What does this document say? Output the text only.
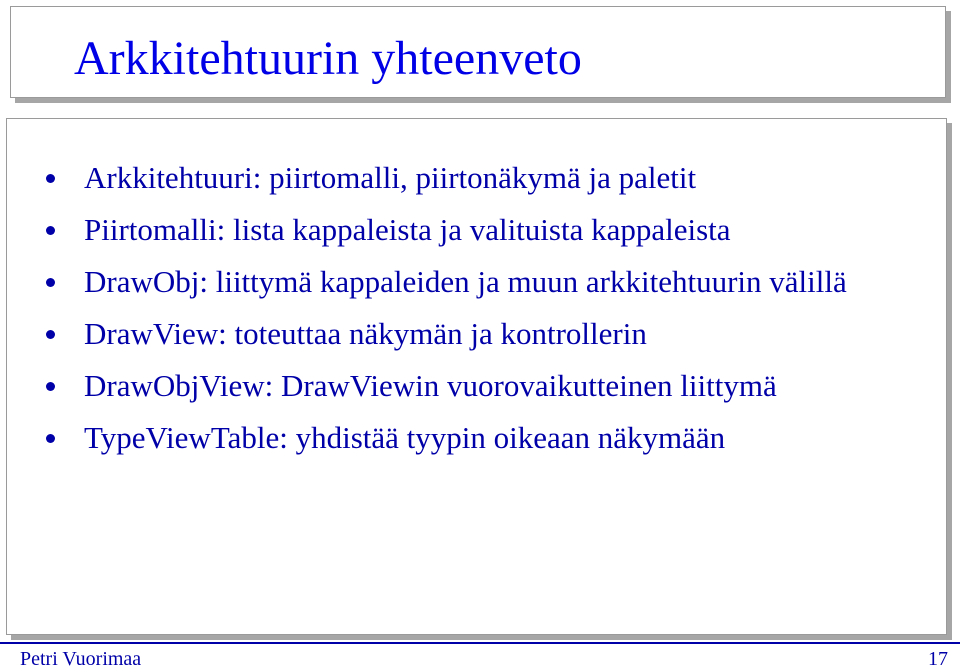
Arkkitehtuurin yhteenveto
Arkkitehtuuri: piirtomalli, piirtonäkymä ja paletit
Piirtomalli: lista kappaleista ja valituista kappaleista
DrawObj: liittymä kappaleiden ja muun arkkitehtuurin välillä
DrawView: toteuttaa näkymän ja kontrollerin
DrawObjView: DrawViewin vuorovaikutteinen liittymä
TypeViewTable: yhdistää tyypin oikeaan näkymään
Petri Vuorimaa	17
